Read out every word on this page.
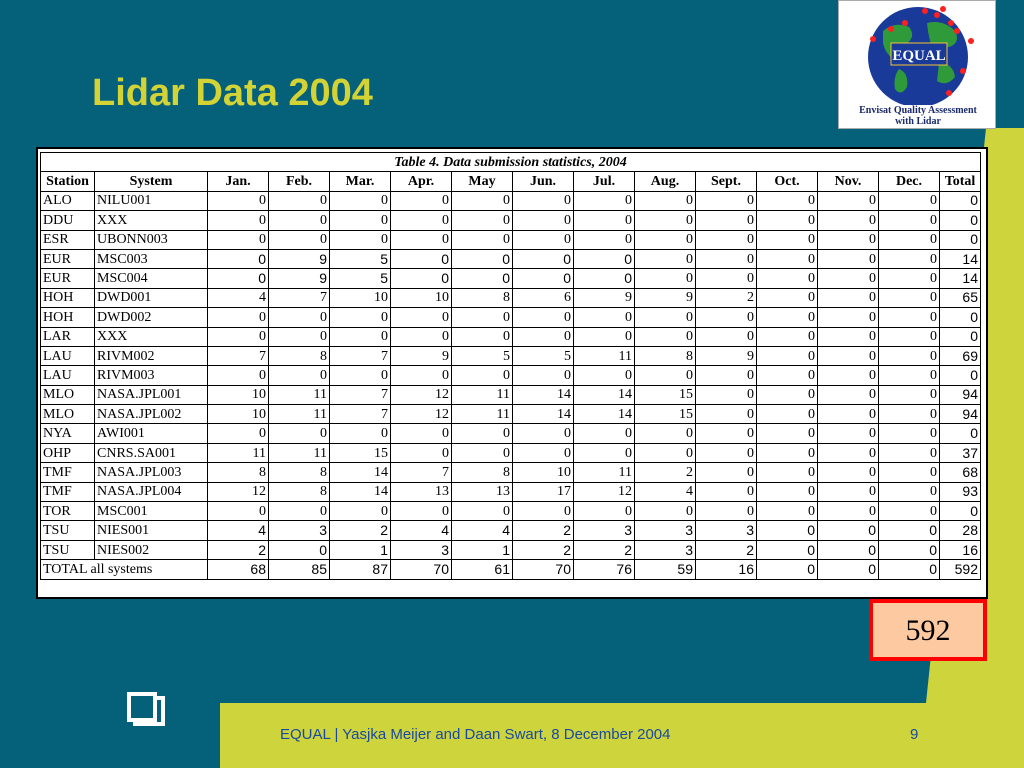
Lidar Data 2004
EQUAL
Envisat Quality Assessment
with Lidar
Table 4. Data submission statistics, 2004														
Station	System	Jan.	Feb.	Mar.	Apr.	May	Jun.	Jul.	Aug.	Sept.	Oct.	Nov.	Dec.	Total
ALO	NILU001	0	0	0	0	0	0	0	0	0	0	0	0	0
DDU	XXX	0	0	0	0	0	0	0	0	0	0	0	0	0
ESR	UBONN003	0	0	0	0	0	0	0	0	0	0	0	0	0
EUR	MSC003	0	9	5	0	0	0	0	0	0	0	0	0	14
EUR	MSC004	0	9	5	0	0	0	0	0	0	0	0	0	14
HOH	DWD001	4	7	10	10	8	6	9	9	2	0	0	0	65
HOH	DWD002	0	0	0	0	0	0	0	0	0	0	0	0	0
LAR	XXX	0	0	0	0	0	0	0	0	0	0	0	0	0
LAU	RIVM002	7	8	7	9	5	5	11	8	9	0	0	0	69
LAU	RIVM003	0	0	0	0	0	0	0	0	0	0	0	0	0
MLO	NASA.JPL001	10	11	7	12	11	14	14	15	0	0	0	0	94
MLO	NASA.JPL002	10	11	7	12	11	14	14	15	0	0	0	0	94
NYA	AWI001	0	0	0	0	0	0	0	0	0	0	0	0	0
OHP	CNRS.SA001	11	11	15	0	0	0	0	0	0	0	0	0	37
TMF	NASA.JPL003	8	8	14	7	8	10	11	2	0	0	0	0	68
TMF	NASA.JPL004	12	8	14	13	13	17	12	4	0	0	0	0	93
TOR	MSC001	0	0	0	0	0	0	0	0	0	0	0	0	0
TSU	NIES001	4	3	2	4	4	2	3	3	3	0	0	0	28
TSU	NIES002	2	0	1	3	1	2	2	3	2	0	0	0	16
TOTAL all systems		68	85	87	70	61	70	76	59	16	0	0	0	592
592
EQUAL | Yasjka Meijer and Daan Swart, 8 December 2004	9
